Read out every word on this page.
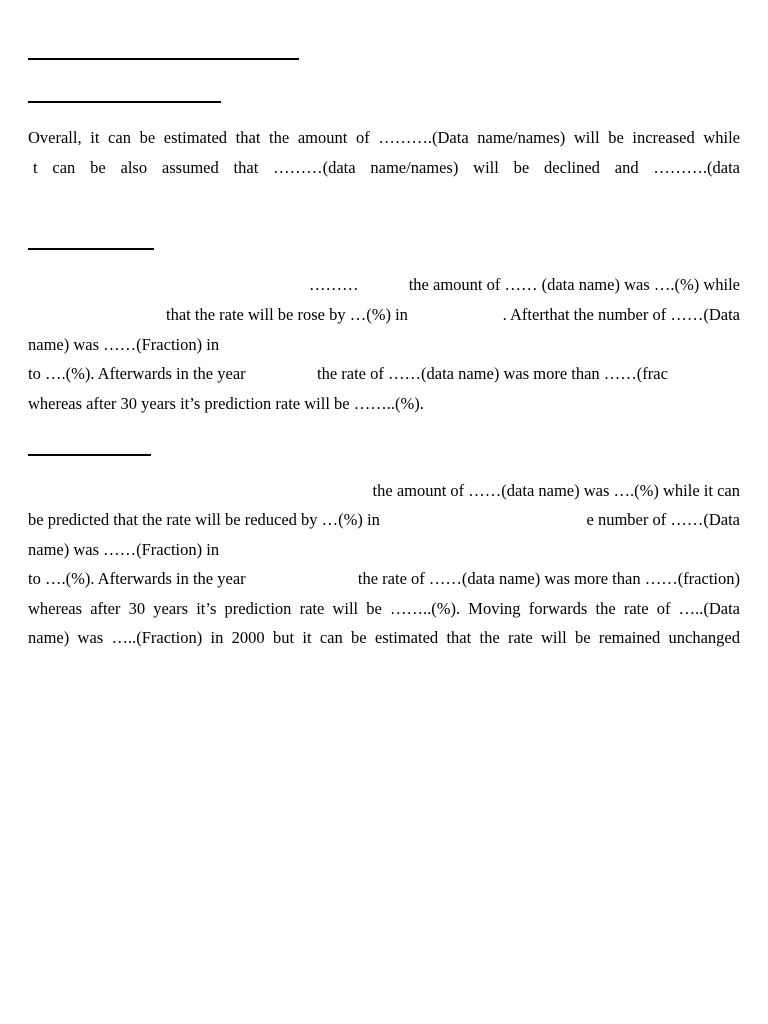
Overall, it can be estimated that the amount of ……….(Data name/names) will be increased while
t can be also assumed that ………(data name/names) will be declined and ……….(data
………	the amount of …… (data name) was ….(%) while
that the rate will be rose by …(%) in	. Afterthat the number of ……(Data
name) was ……(Fraction) in
to ….(%). Afterwards in the year	the rate of ……(data name) was more than ……(frac
whereas after 30 years it’s prediction rate will be ……..(%).
the amount of ……(data name) was ….(%) while it can
be predicted that the rate will be reduced by …(%) in	e number of ……(Data
name) was ……(Fraction) in
to ….(%). Afterwards in the year	the rate of ……(data name) was more than ……(fraction)
whereas after 30 years it’s prediction rate will be ……..(%). Moving forwards the rate of …..(Data
name) was …..(Fraction) in 2000 but it can be estimated that the rate will be remained unchanged
